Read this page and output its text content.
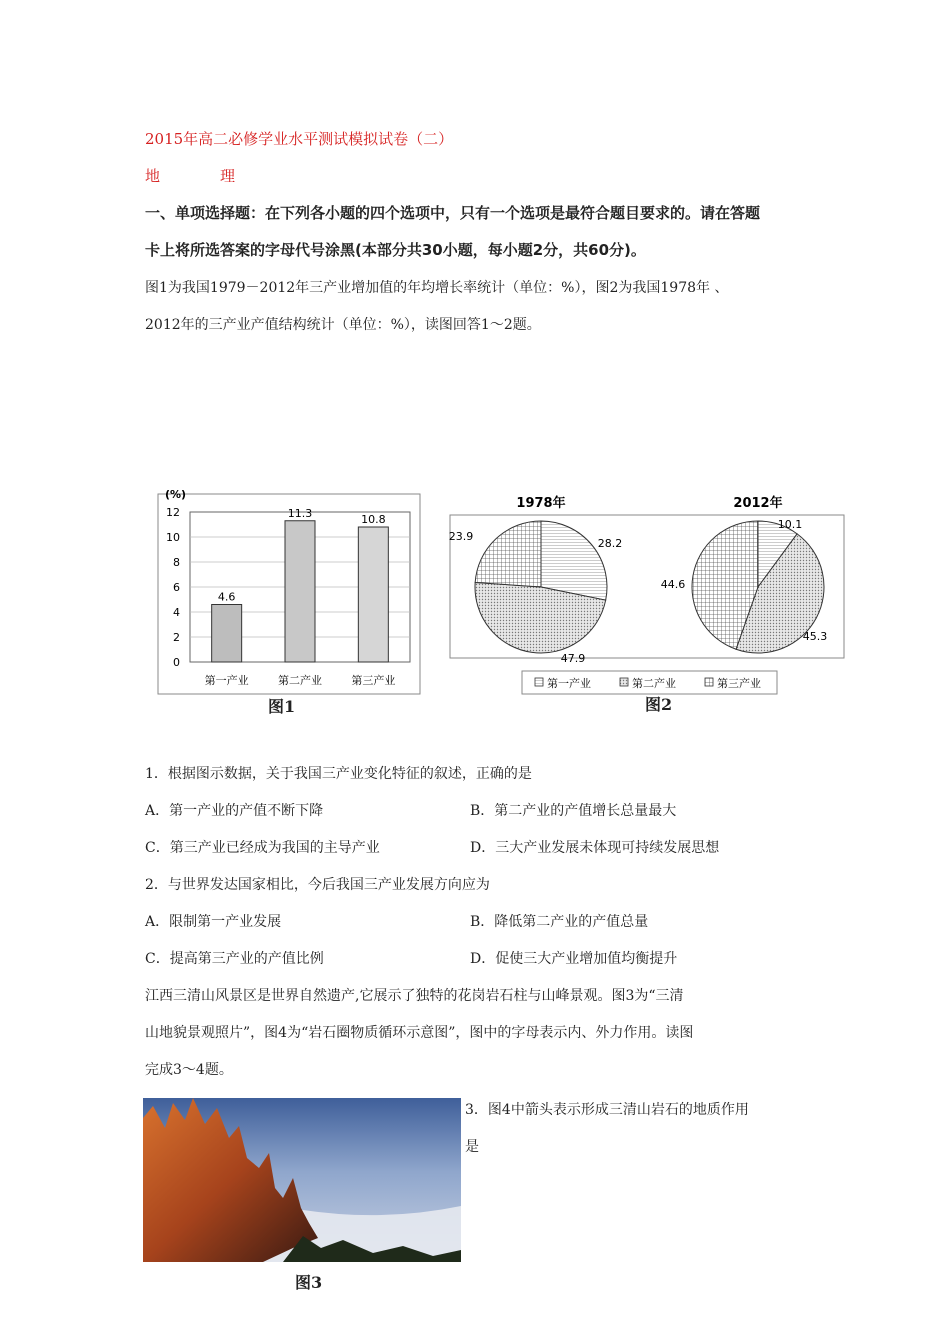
2015年高二必修学业水平测试模拟试卷（二）
地	理
一、单项选择题：在下列各小题的四个选项中，只有一个选项是最符合题目要求的。请在答题
卡上将所选答案的字母代号涂黑(本部分共30小题，每小题2分，共60分)。
图1为我国1979－2012年三产业增加值的年均增长率统计（单位：%），图2为我国1978年 、
2012年的三产业产值结构统计（单位：%），读图回答1～2题。
(%)
0
2
4
6
8
10
12
4.6
11.3	10.8
第一产业	第二产业	第三产业
图1
1978年	2012年
28.2
47.9
23.9
10.1
45.3
44.6
第一产业	第二产业	第三产业
图2
1．根据图示数据，关于我国三产业变化特征的叙述，正确的是
A．第一产业的产值不断下降	B．第二产业的产值增长总量最大
C．第三产业已经成为我国的主导产业	D．三大产业发展未体现可持续发展思想
2．与世界发达国家相比，今后我国三产业发展方向应为
A．限制第一产业发展	B．降低第二产业的产值总量
C．提高第三产业的产值比例	D．促使三大产业增加值均衡提升
江西三清山风景区是世界自然遗产,它展示了独特的花岗岩石柱与山峰景观。图3为“三清
山地貌景观照片”，图4为“岩石圈物质循环示意图”，图中的字母表示内、外力作用。读图
完成3～4题。
图3
3．图4中箭头表示形成三清山岩石的地质作用
是
